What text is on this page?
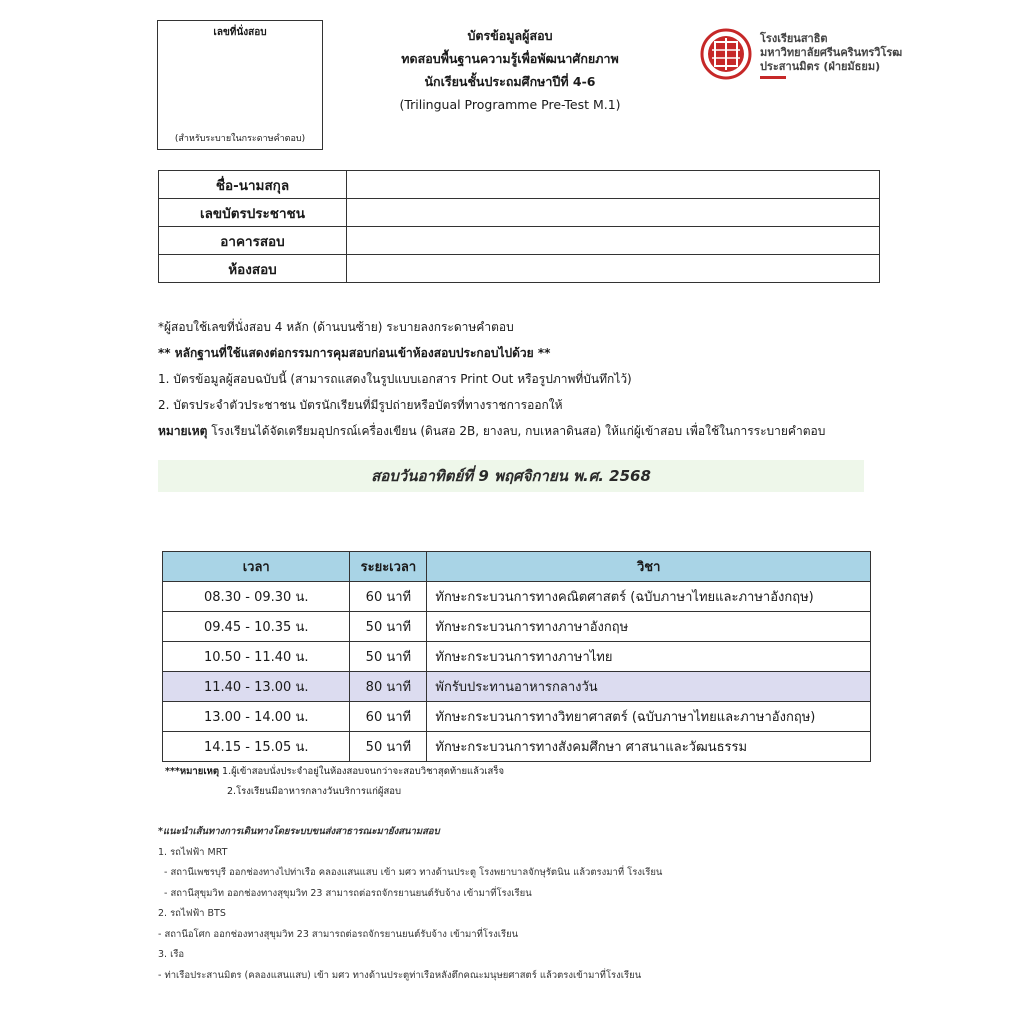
เลขที่นั่งสอบ
(สำหรับระบายในกระดาษคำตอบ)
บัตรข้อมูลผู้สอบ
ทดสอบพื้นฐานความรู้เพื่อพัฒนาศักยภาพ
นักเรียนชั้นประถมศึกษาปีที่ 4-6
(Trilingual Programme Pre-Test M.1)
โรงเรียนสาธิต
มหาวิทยาลัยศรีนครินทรวิโรฒ
ประสานมิตร (ฝ่ายมัธยม)
ชื่อ-นามสกุล	
เลขบัตรประชาชน	
อาคารสอบ	
ห้องสอบ	
*ผู้สอบใช้เลขที่นั่งสอบ 4 หลัก (ด้านบนซ้าย) ระบายลงกระดาษคำตอบ
** หลักฐานที่ใช้แสดงต่อกรรมการคุมสอบก่อนเข้าห้องสอบประกอบไปด้วย **
1. บัตรข้อมูลผู้สอบฉบับนี้ (สามารถแสดงในรูปแบบเอกสาร Print Out หรือรูปภาพที่บันทึกไว้)
2. บัตรประจำตัวประชาชน บัตรนักเรียนที่มีรูปถ่ายหรือบัตรที่ทางราชการออกให้
หมายเหตุ โรงเรียนได้จัดเตรียมอุปกรณ์เครื่องเขียน (ดินสอ 2B, ยางลบ, กบเหลาดินสอ) ให้แก่ผู้เข้าสอบ เพื่อใช้ในการระบายคำตอบ
สอบวันอาทิตย์ที่ 9 พฤศจิกายน พ.ศ. 2568
เวลา	ระยะเวลา	วิชา
08.30 - 09.30 น.	60 นาที	ทักษะกระบวนการทางคณิตศาสตร์ (ฉบับภาษาไทยและภาษาอังกฤษ)
09.45 - 10.35 น.	50 นาที	ทักษะกระบวนการทางภาษาอังกฤษ
10.50 - 11.40 น.	50 นาที	ทักษะกระบวนการทางภาษาไทย
11.40 - 13.00 น.	80 นาที	พักรับประทานอาหารกลางวัน
13.00 - 14.00 น.	60 นาที	ทักษะกระบวนการทางวิทยาศาสตร์ (ฉบับภาษาไทยและภาษาอังกฤษ)
14.15 - 15.05 น.	50 นาที	ทักษะกระบวนการทางสังคมศึกษา ศาสนาและวัฒนธรรม
***หมายเหตุ 1.ผู้เข้าสอบนั่งประจำอยู่ในห้องสอบจนกว่าจะสอบวิชาสุดท้ายแล้วเสร็จ
2.โรงเรียนมีอาหารกลางวันบริการแก่ผู้สอบ
*แนะนำเส้นทางการเดินทางโดยระบบขนส่งสาธารณะมายังสนามสอบ
1. รถไฟฟ้า MRT
- สถานีเพชรบุรี ออกช่องทางไปท่าเรือ คลองแสนแสบ เข้า มศว ทางด้านประตู โรงพยาบาลจักษุรัตนิน แล้วตรงมาที่ โรงเรียน
- สถานีสุขุมวิท ออกช่องทางสุขุมวิท 23 สามารถต่อรถจักรยานยนต์รับจ้าง เข้ามาที่โรงเรียน
2. รถไฟฟ้า BTS
- สถานีอโศก ออกช่องทางสุขุมวิท 23 สามารถต่อรถจักรยานยนต์รับจ้าง เข้ามาที่โรงเรียน
3. เรือ
- ท่าเรือประสานมิตร (คลองแสนแสบ) เข้า มศว ทางด้านประตูท่าเรือหลังตึกคณะมนุษยศาสตร์ แล้วตรงเข้ามาที่โรงเรียน
